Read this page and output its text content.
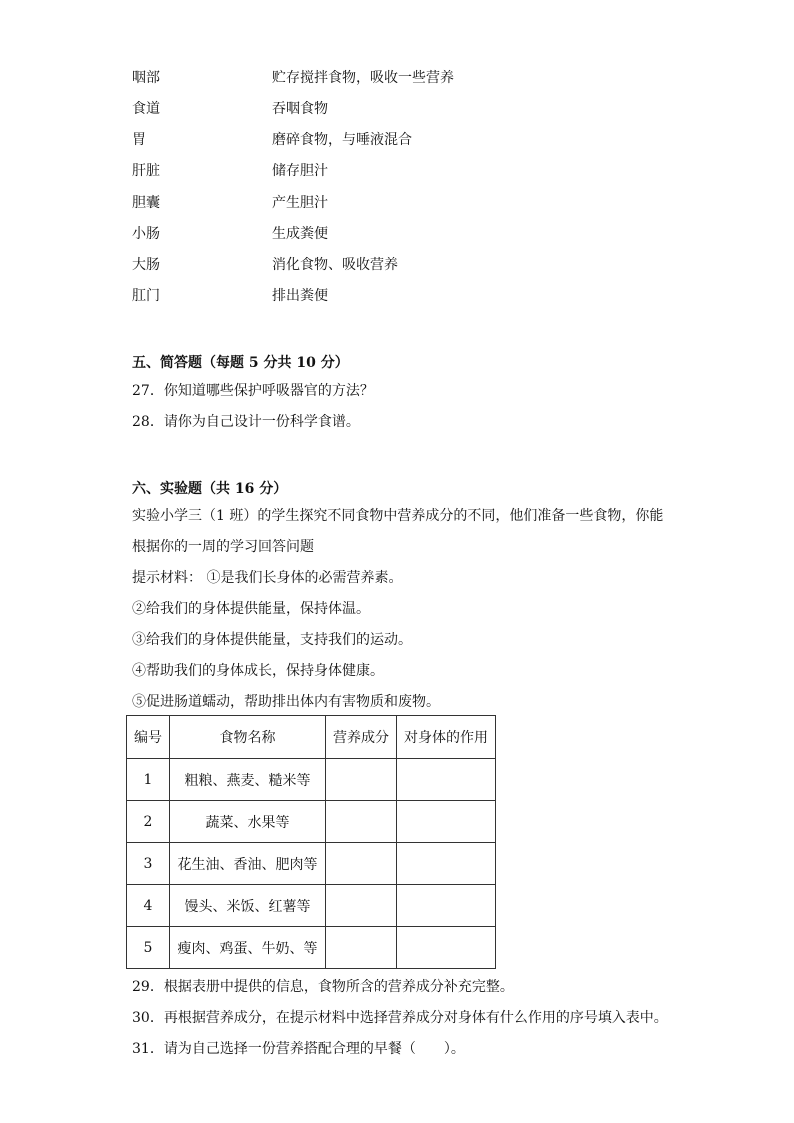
咽部	贮存搅拌食物，吸收一些营养
食道	吞咽食物
胃	磨碎食物，与唾液混合
肝脏	储存胆汁
胆囊	产生胆汁
小肠	生成粪便
大肠	消化食物、吸收营养
肛门	排出粪便
五、简答题（每题 5 分共 10 分）
27．你知道哪些保护呼吸器官的方法？
28．请你为自己设计一份科学食谱。
六、实验题（共 16 分）
实验小学三（1 班）的学生探究不同食物中营养成分的不同，他们准备一些食物，你能
根据你的一周的学习回答问题
提示材料： ①是我们长身体的必需营养素。
②给我们的身体提供能量，保持体温。
③给我们的身体提供能量，支持我们的运动。
④帮助我们的身体成长，保持身体健康。
⑤促进肠道蠕动，帮助排出体内有害物质和废物。
编号	食物名称	营养成分	对身体的作用
1	粗粮、燕麦、糙米等		
2	蔬菜、水果等		
3	花生油、香油、肥肉等		
4	馒头、米饭、红薯等		
5	瘦肉、鸡蛋、牛奶、等		
29．根据表册中提供的信息，食物所含的营养成分补充完整。
30．再根据营养成分，在提示材料中选择营养成分对身体有什么作用的序号填入表中。
31．请为自己选择一份营养搭配合理的早餐（　　）。
